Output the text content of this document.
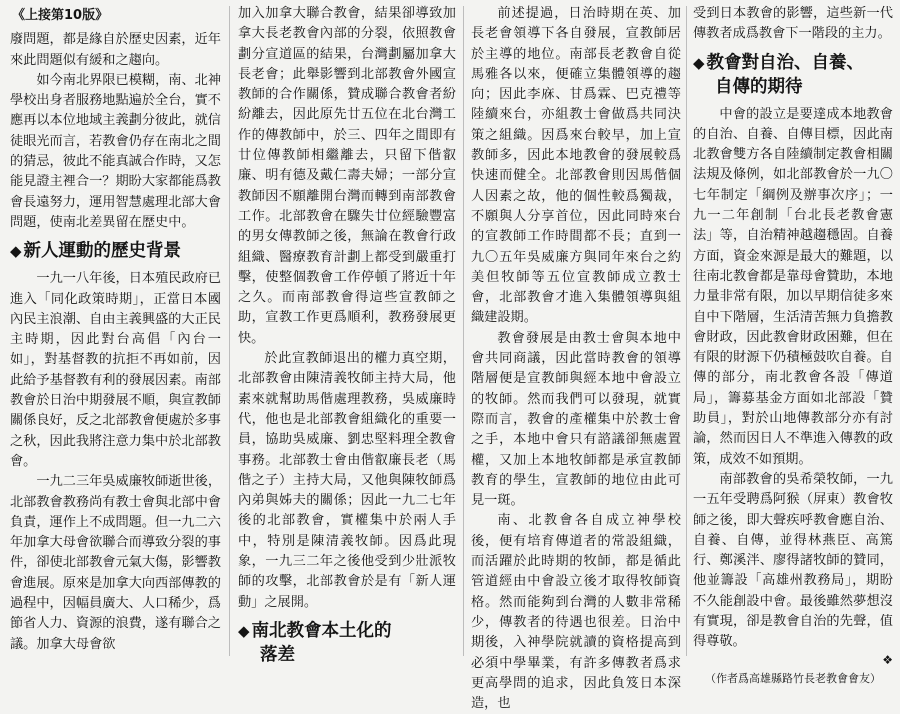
《上接第10版》

廢問題，都是緣自於歷史因素，近年來此問題似有緩和之趨向。

如今南北界限已模糊，南、北神學校出身者服務地點遍於全台，實不應再以本位地域主義劃分彼此，就信徒眼光而言，若教會仍存在南北之間的猜忌，彼此不能真誠合作時，又怎能見證主裡合一？期盼大家都能爲教會長遠努力，運用智慧處理北部大會問題，使南北差異留在歷史中。

◆ 新人運動的歷史背景

一九一八年後，日本殖民政府已進入「同化政策時期」，正當日本國內民主浪潮、自由主義興盛的大正民主時期，因此對台高倡「內台一如」，對基督教的抗拒不再如前，因此給予基督教有利的發展因素。南部教會於日治中期發展不順，與宣教師關係良好，反之北部教會便處於多事之秋，因此我將注意力集中於北部教會。

一九二三年吳威廉牧師逝世後，北部教會教務尚有教士會與北部中會負責，運作上不成問題。但一九二六年加拿大母會欲聯合而導致分裂的事件，卻使北部教會元氣大傷，影響教會進展。原來是加拿大向西部傳教的過程中，因幅員廣大、人口稀少，爲節省人力、資源的浪費，遂有聯合之議。加拿大母會欲

加入加拿大聯合教會，結果卻導致加拿大長老教會內部的分裂，依照教會劃分宣道區的結果，台灣劃屬加拿大長老會；此舉影響到北部教會外國宣教師的合作關係，贊成聯合教會者紛紛離去，因此原先廿五位在北台灣工作的傳教師中，於三、四年之間即有廿位傳教師相繼離去，只留下偕叡廉、明有德及戴仁壽夫婦；一部分宣教師因不願離開台灣而轉到南部教會工作。北部教會在驟失廿位經驗豐富的男女傳教師之後，無論在教會行政組織、醫療教育計劃上都受到嚴重打擊，使整個教會工作停頓了將近十年之久。而南部教會得這些宣教師之助，宣教工作更爲順利，教務發展更快。

於此宣教師退出的權力真空期，北部教會由陳清義牧師主持大局，他素來就幫助馬偕處理教務，吳威廉時代，他也是北部教會組織化的重要一員，協助吳威廉、劉忠堅料理全教會事務。北部教士會由偕叡廉長老（馬偕之子）主持大局，又他與陳牧師爲內弟與姊夫的關係；因此一九二七年後的北部教會，實權集中於兩人手中，特別是陳清義牧師。因爲此現象，一九三二年之後他受到少壯派牧師的攻擊，北部教會於是有「新人運動」之展開。

◆ 南北教會本土化的
落差

前述提過，日治時期在英、加長老會領導下各自發展，宣教師居於主導的地位。南部長老教會自從馬雅各以來，便確立集體領導的趨向；因此李庥、甘爲霖、巴克禮等陸續來台，亦組教士會做爲共同決策之組織。因爲來台較早，加上宣教師多，因此本地教會的發展較爲快速而健全。北部教會則因馬偕個人因素之故，他的個性較爲獨裁，不願與人分享首位，因此同時來台的宣教師工作時間都不長；直到一九〇五年吳威廉方與同年來台之約美但牧師等五位宣教師成立教士會，北部教會才進入集體領導與組織建設期。

教會發展是由教士會與本地中會共同商議，因此當時教會的領導階層便是宣教師與經本地中會設立的牧師。然而我們可以發現，就實際而言，教會的產權集中於教士會之手，本地中會只有諮議卻無處置權，又加上本地牧師都是承宣教師教育的學生，宣教師的地位由此可見一斑。

南、北教會各自成立神學校後，便有培育傳道者的常設組織，而活躍於此時期的牧師，都是循此管道經由中會設立後才取得牧師資格。然而能夠到台灣的人數非常稀少，傳教者的待遇也很差。日治中期後，入神學院就讀的資格提高到必須中學畢業，有許多傳教者爲求更高學問的追求，因此負笈日本深造，也

受到日本教會的影響，這些新一代傳教者成爲教會下一階段的主力。

◆ 教會對自治、自養、
自傳的期待

中會的設立是要達成本地教會的自治、自養、自傳目標，因此南北教會雙方各自陸續制定教會相關法規及條例，如北部教會於一九〇七年制定「綱例及辦事次序」；一九一二年創制「台北長老教會憲法」等，自治精神越趨穩固。自養方面，資金來源是最大的難題，以往南北教會都是靠母會贊助，本地力量非常有限，加以早期信徒多來自中下階層，生活清苦無力負擔教會財政，因此教會財政困難，但在有限的財源下仍積極鼓吹自養。自傳的部分，南北教會各設「傳道局」，籌募基金方面如北部設「贊助員」，對於山地傳教部分亦有討論，然而因日人不準進入傳教的政策，成效不如預期。

南部教會的吳希榮牧師，一九一五年受聘爲阿猴（屏東）教會牧師之後，即大聲疾呼教會應自治、自養、自傳，並得林燕臣、高篤行、鄭溪泮、廖得諸牧師的贊同，他並籌設「高雄州教務局」，期盼不久能創設中會。最後雖然夢想沒有實現，卻是教會自治的先聲，值得尊敬。

❖
（作者爲高雄縣路竹長老教會會友）
